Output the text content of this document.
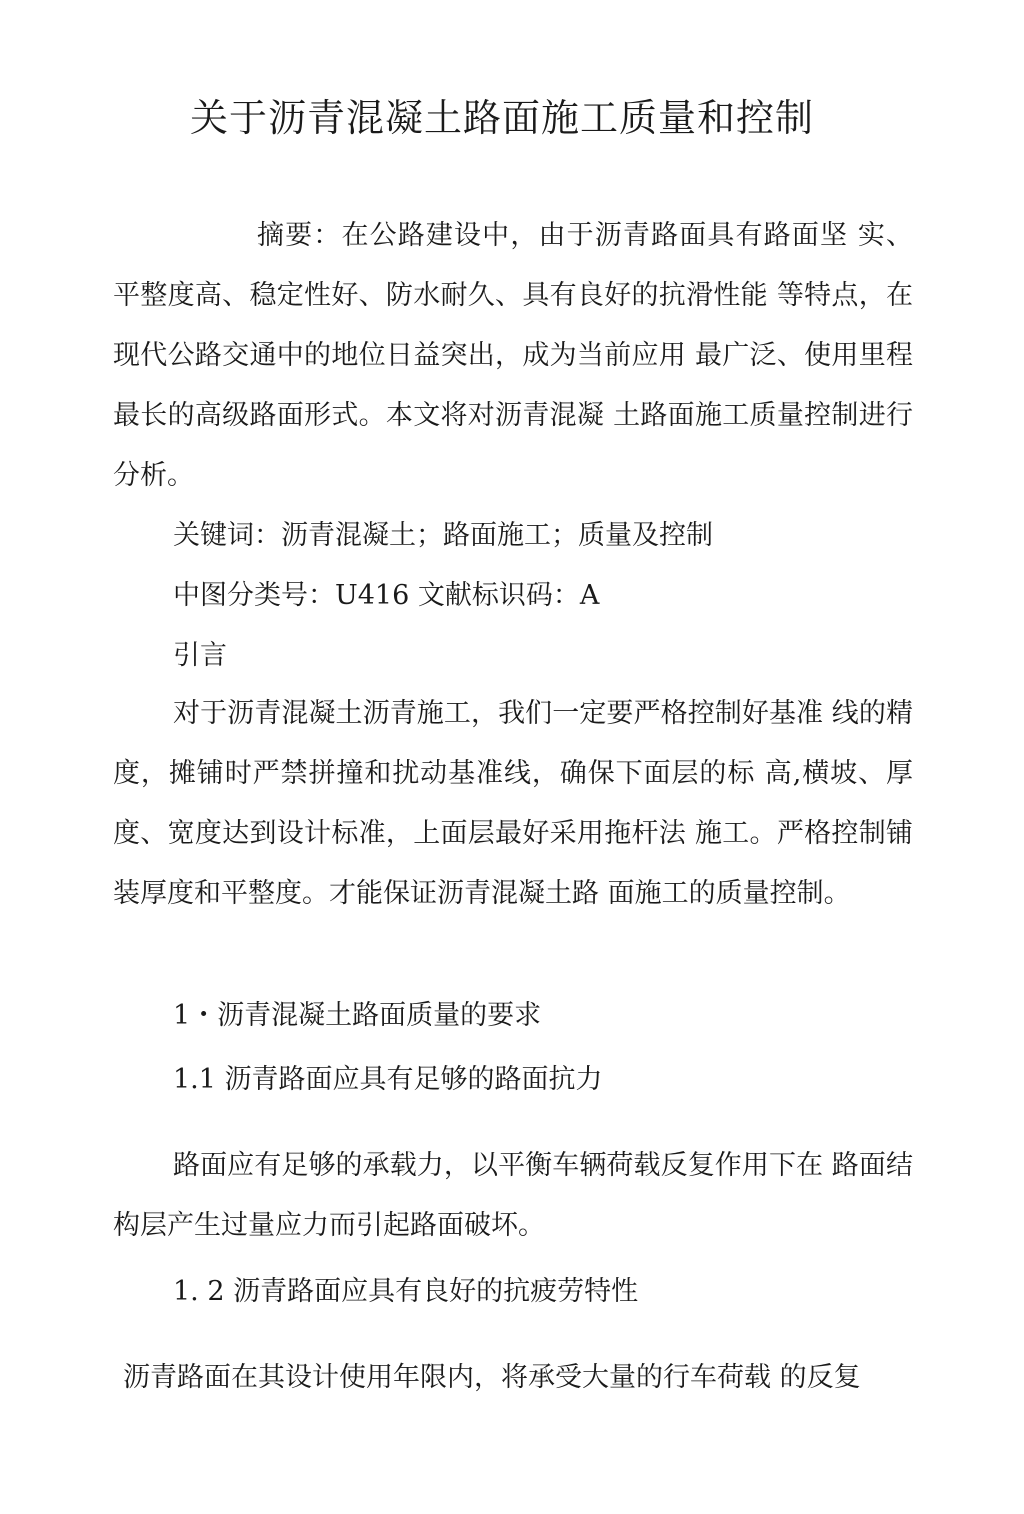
关于沥青混凝土路面施工质量和控制

摘要：在公路建设中，由于沥青路面具有路面坚 实、平整度高、稳定性好、防水耐久、具有良好的抗滑性能 等特点，在现代公路交通中的地位日益突出，成为当前应用 最广泛、使用里程最长的高级路面形式。本文将对沥青混凝 土路面施工质量控制进行分析。

关键词：沥青混凝土；路面施工；质量及控制

中图分类号：U416 文献标识码：A

引言

对于沥青混凝土沥青施工，我们一定要严格控制好基准 线的精度，摊铺时严禁拼撞和扰动基准线，确保下面层的标 高,横坡、厚度、宽度达到设计标准，上面层最好采用拖杆法 施工。严格控制铺装厚度和平整度。才能保证沥青混凝土路 面施工的质量控制。

1・沥青混凝土路面质量的要求

1.1 沥青路面应具有足够的路面抗力

路面应有足够的承载力，以平衡车辆荷载反复作用下在 路面结构层产生过量应力而引起路面破坏。

1. 2 沥青路面应具有良好的抗疲劳特性

沥青路面在其设计使用年限内，将承受大量的行车荷载 的反复
